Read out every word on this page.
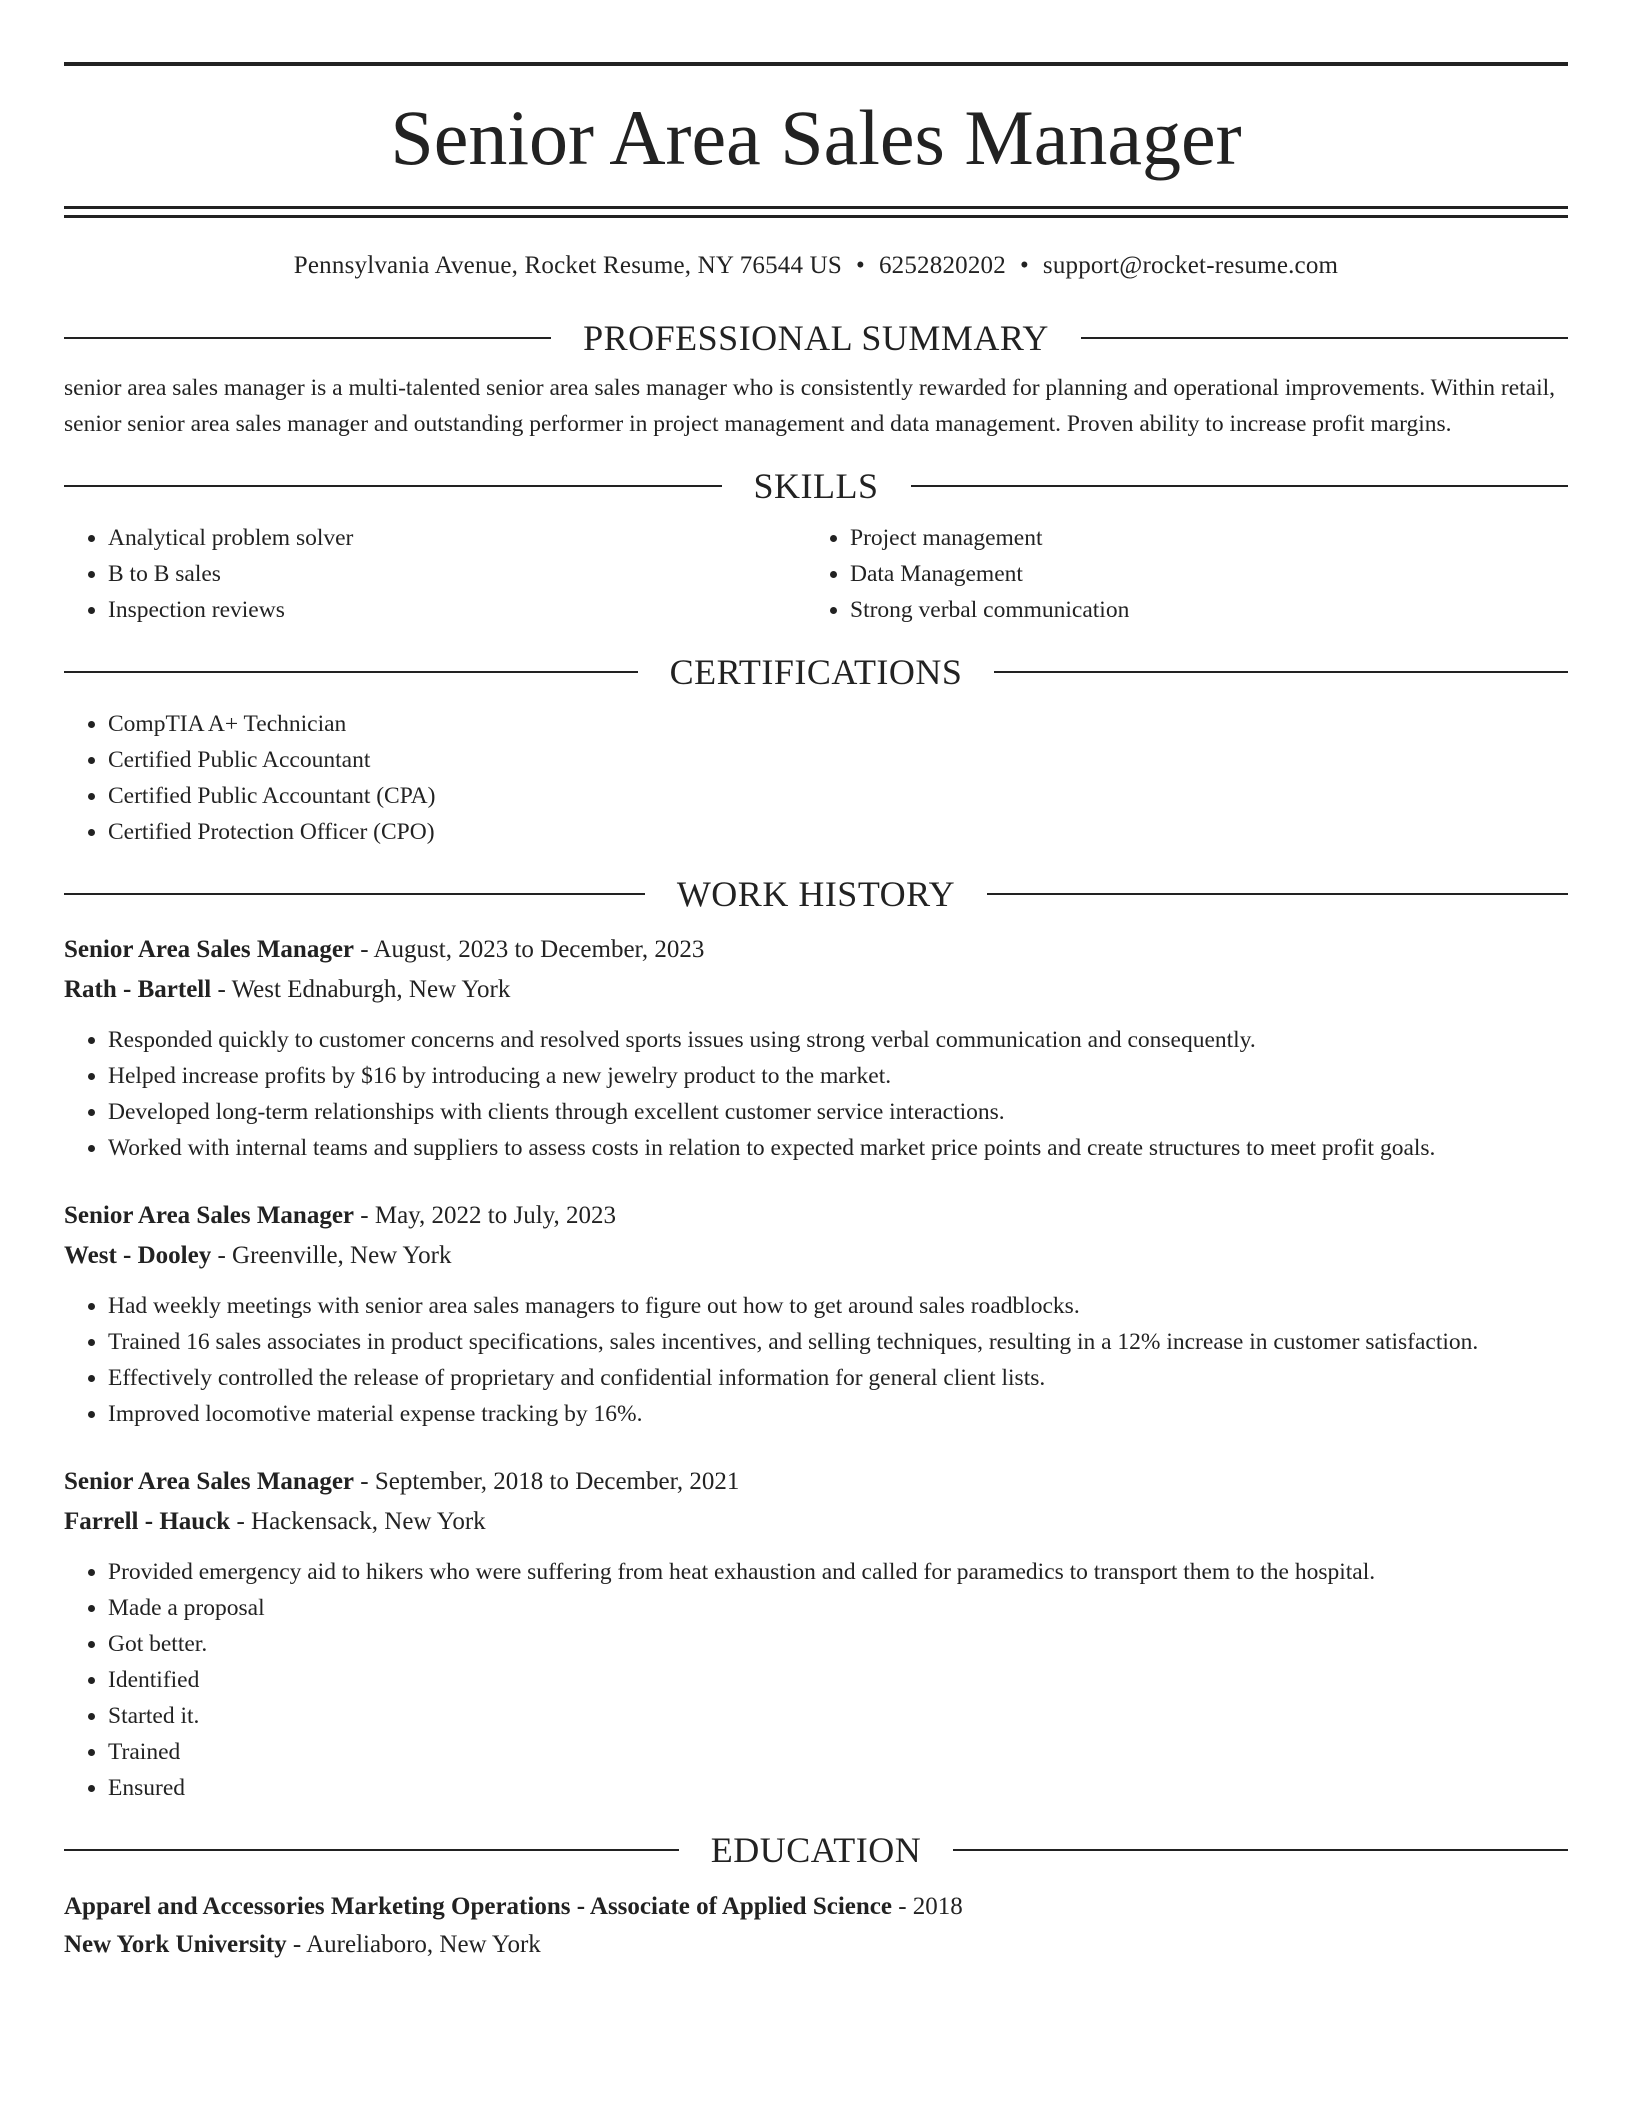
Senior Area Sales Manager
Pennsylvania Avenue, Rocket Resume, NY 76544 US • 6252820202 • support@rocket-resume.com
PROFESSIONAL SUMMARY
senior area sales manager is a multi-talented senior area sales manager who is consistently rewarded for planning and operational improvements. Within retail, senior senior area sales manager and outstanding performer in project management and data management. Proven ability to increase profit margins.
SKILLS
• Analytical problem solver
• B to B sales
• Inspection reviews
• Project management
• Data Management
• Strong verbal communication
CERTIFICATIONS
• CompTIA A+ Technician
• Certified Public Accountant
• Certified Public Accountant (CPA)
• Certified Protection Officer (CPO)
WORK HISTORY
Senior Area Sales Manager - August, 2023 to December, 2023
Rath - Bartell - West Ednaburgh, New York
• Responded quickly to customer concerns and resolved sports issues using strong verbal communication and consequently.
• Helped increase profits by $16 by introducing a new jewelry product to the market.
• Developed long-term relationships with clients through excellent customer service interactions.
• Worked with internal teams and suppliers to assess costs in relation to expected market price points and create structures to meet profit goals.
Senior Area Sales Manager - May, 2022 to July, 2023
West - Dooley - Greenville, New York
• Had weekly meetings with senior area sales managers to figure out how to get around sales roadblocks.
• Trained 16 sales associates in product specifications, sales incentives, and selling techniques, resulting in a 12% increase in customer satisfaction.
• Effectively controlled the release of proprietary and confidential information for general client lists.
• Improved locomotive material expense tracking by 16%.
Senior Area Sales Manager - September, 2018 to December, 2021
Farrell - Hauck - Hackensack, New York
• Provided emergency aid to hikers who were suffering from heat exhaustion and called for paramedics to transport them to the hospital.
• Made a proposal
• Got better.
• Identified
• Started it.
• Trained
• Ensured
EDUCATION
Apparel and Accessories Marketing Operations - Associate of Applied Science - 2018
New York University - Aureliaboro, New York
